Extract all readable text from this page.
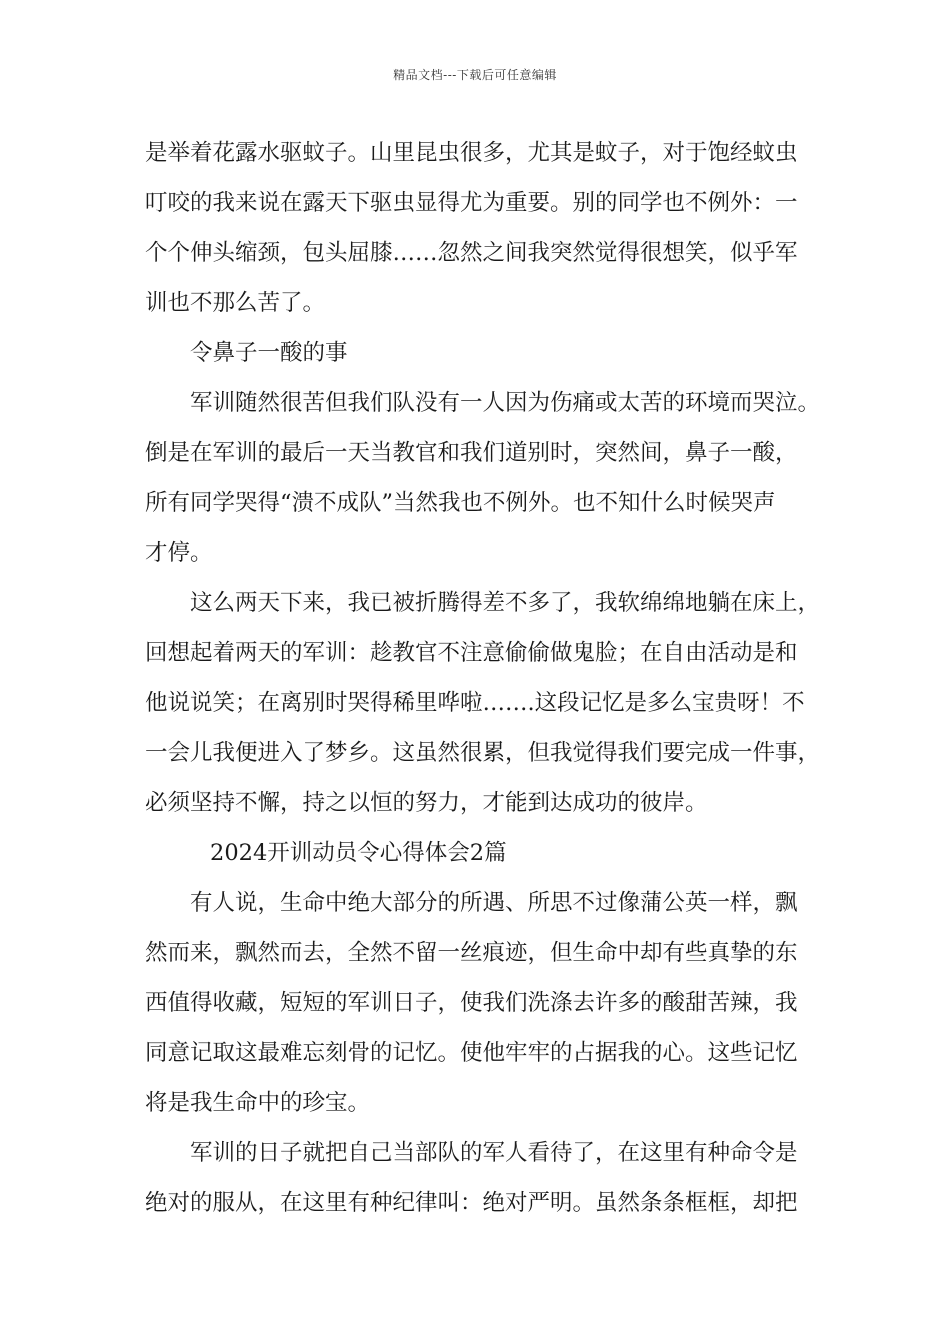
精品文档---下载后可任意编辑
是举着花露水驱蚊子。山里昆虫很多，尤其是蚊子，对于饱经蚊虫
叮咬的我来说在露天下驱虫显得尤为重要。别的同学也不例外：一
个个伸头缩颈，包头屈膝……忽然之间我突然觉得很想笑，似乎军
训也不那么苦了。
令鼻子一酸的事
军训随然很苦但我们队没有一人因为伤痛或太苦的环境而哭泣。
倒是在军训的最后一天当教官和我们道别时，突然间，鼻子一酸，
所有同学哭得“溃不成队”当然我也不例外。也不知什么时候哭声
才停。
这么两天下来，我已被折腾得差不多了，我软绵绵地躺在床上，
回想起着两天的军训：趁教官不注意偷偷做鬼脸；在自由活动是和
他说说笑；在离别时哭得稀里哗啦…….这段记忆是多么宝贵呀！不
一会儿我便进入了梦乡。这虽然很累，但我觉得我们要完成一件事，
必须坚持不懈，持之以恒的努力，才能到达成功的彼岸。
2024开训动员令心得体会2篇
有人说，生命中绝大部分的所遇、所思不过像蒲公英一样，飘
然而来，飘然而去，全然不留一丝痕迹，但生命中却有些真挚的东
西值得收藏，短短的军训日子，使我们洗涤去许多的酸甜苦辣，我
同意记取这最难忘刻骨的记忆。使他牢牢的占据我的心。这些记忆
将是我生命中的珍宝。
军训的日子就把自己当部队的军人看待了，在这里有种命令是
绝对的服从，在这里有种纪律叫：绝对严明。虽然条条框框，却把
